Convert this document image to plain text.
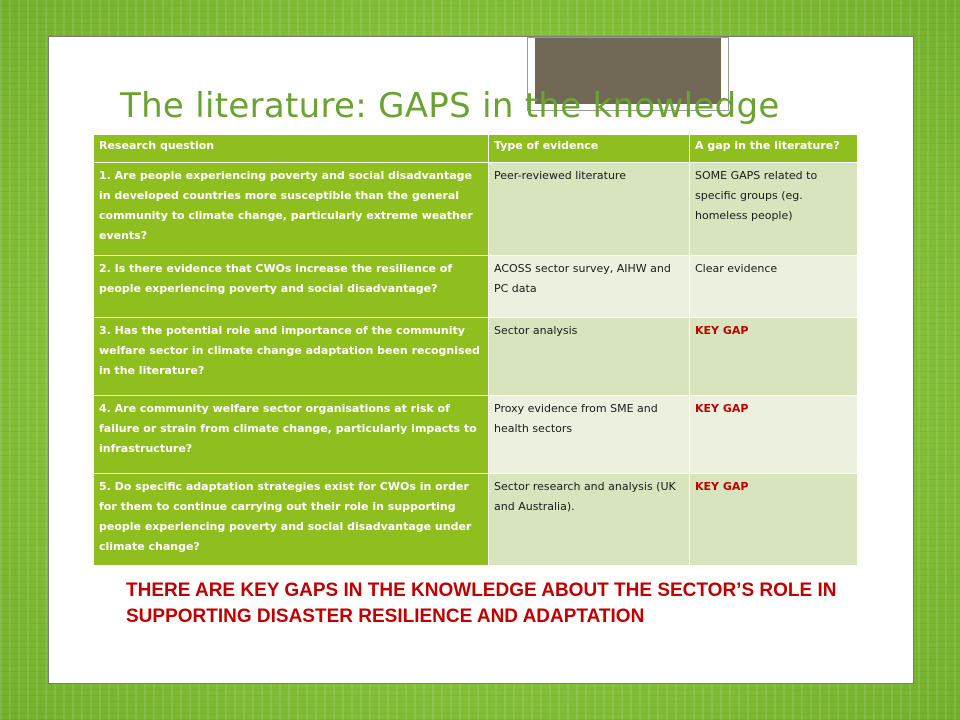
The literature: GAPS in the knowledge
Research question	Type of evidence	A gap in the literature?
1. Are people experiencing poverty and social disadvantage in developed countries more susceptible than the general community to climate change, particularly extreme weather events?	Peer-reviewed literature	SOME GAPS related to specific groups (eg. homeless people)
2. Is there evidence that CWOs increase the resilience of people experiencing poverty and social disadvantage?	ACOSS sector survey, AIHW and PC data	Clear evidence
3. Has the potential role and importance of the community welfare sector in climate change adaptation been recognised in the literature?	Sector analysis	KEY GAP
4. Are community welfare sector organisations at risk of failure or strain from climate change, particularly impacts to infrastructure?	Proxy evidence from SME and health sectors	KEY GAP
5. Do specific adaptation strategies exist for CWOs in order for them to continue carrying out their role in supporting people experiencing poverty and social disadvantage under climate change?	Sector research and analysis (UK and Australia).	KEY GAP
THERE ARE KEY GAPS IN THE KNOWLEDGE ABOUT THE SECTOR’S ROLE IN SUPPORTING DISASTER RESILIENCE AND ADAPTATION
